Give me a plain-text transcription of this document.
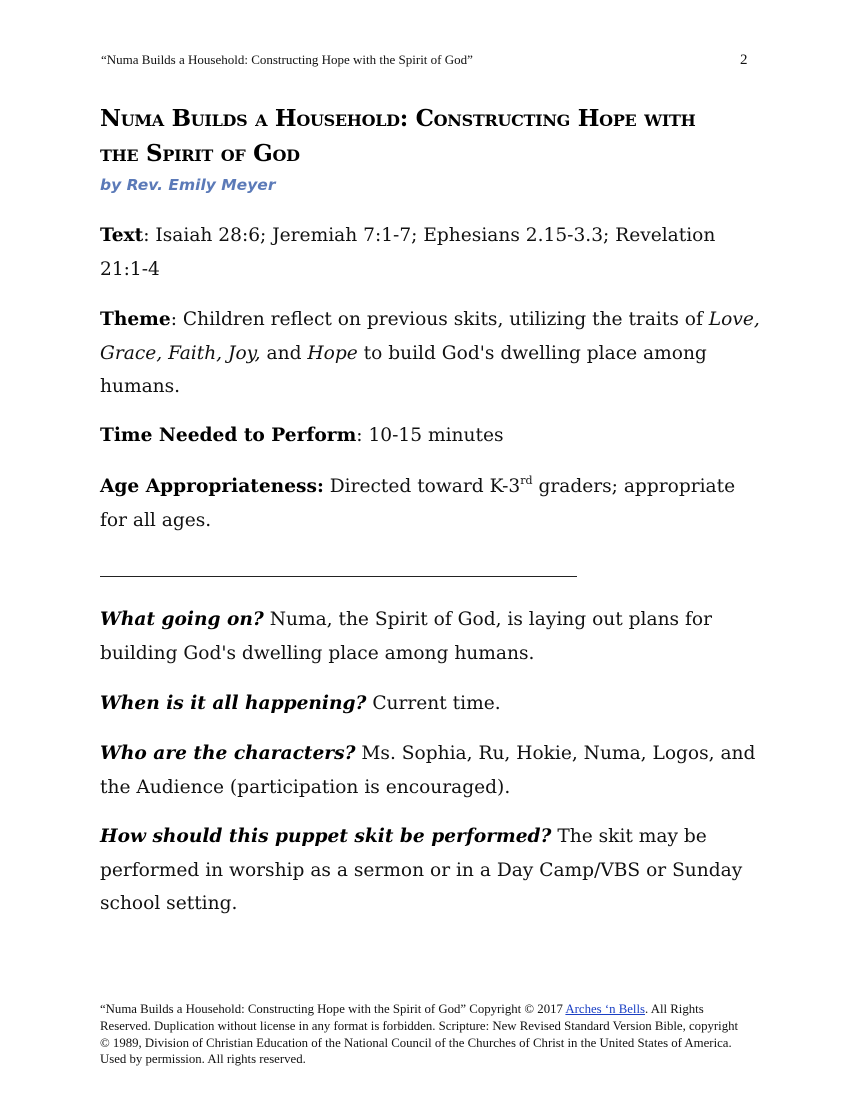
“Numa Builds a Household: Constructing Hope with the Spirit of God”	2
Numa Builds a Household: Constructing Hope with
the Spirit of God
by Rev. Emily Meyer

Text: Isaiah 28:6; Jeremiah 7:1-7; Ephesians 2.15-3.3; Revelation 21:1-4

Theme: Children reflect on previous skits, utilizing the traits of Love, Grace, Faith, Joy, and Hope to build God's dwelling place among humans.

Time Needed to Perform: 10-15 minutes

Age Appropriateness: Directed toward K-3rd graders; appropriate for all ages.

What going on? Numa, the Spirit of God, is laying out plans for building God's dwelling place among humans.

When is it all happening? Current time.

Who are the characters? Ms. Sophia, Ru, Hokie, Numa, Logos, and the Audience (participation is encouraged).

How should this puppet skit be performed? The skit may be performed in worship as a sermon or in a Day Camp/VBS or Sunday school setting.

“Numa Builds a Household: Constructing Hope with the Spirit of God” Copyright © 2017 Arches ‘n Bells. All Rights Reserved. Duplication without license in any format is forbidden. Scripture: New Revised Standard Version Bible, copyright © 1989, Division of Christian Education of the National Council of the Churches of Christ in the United States of America. Used by permission. All rights reserved.
